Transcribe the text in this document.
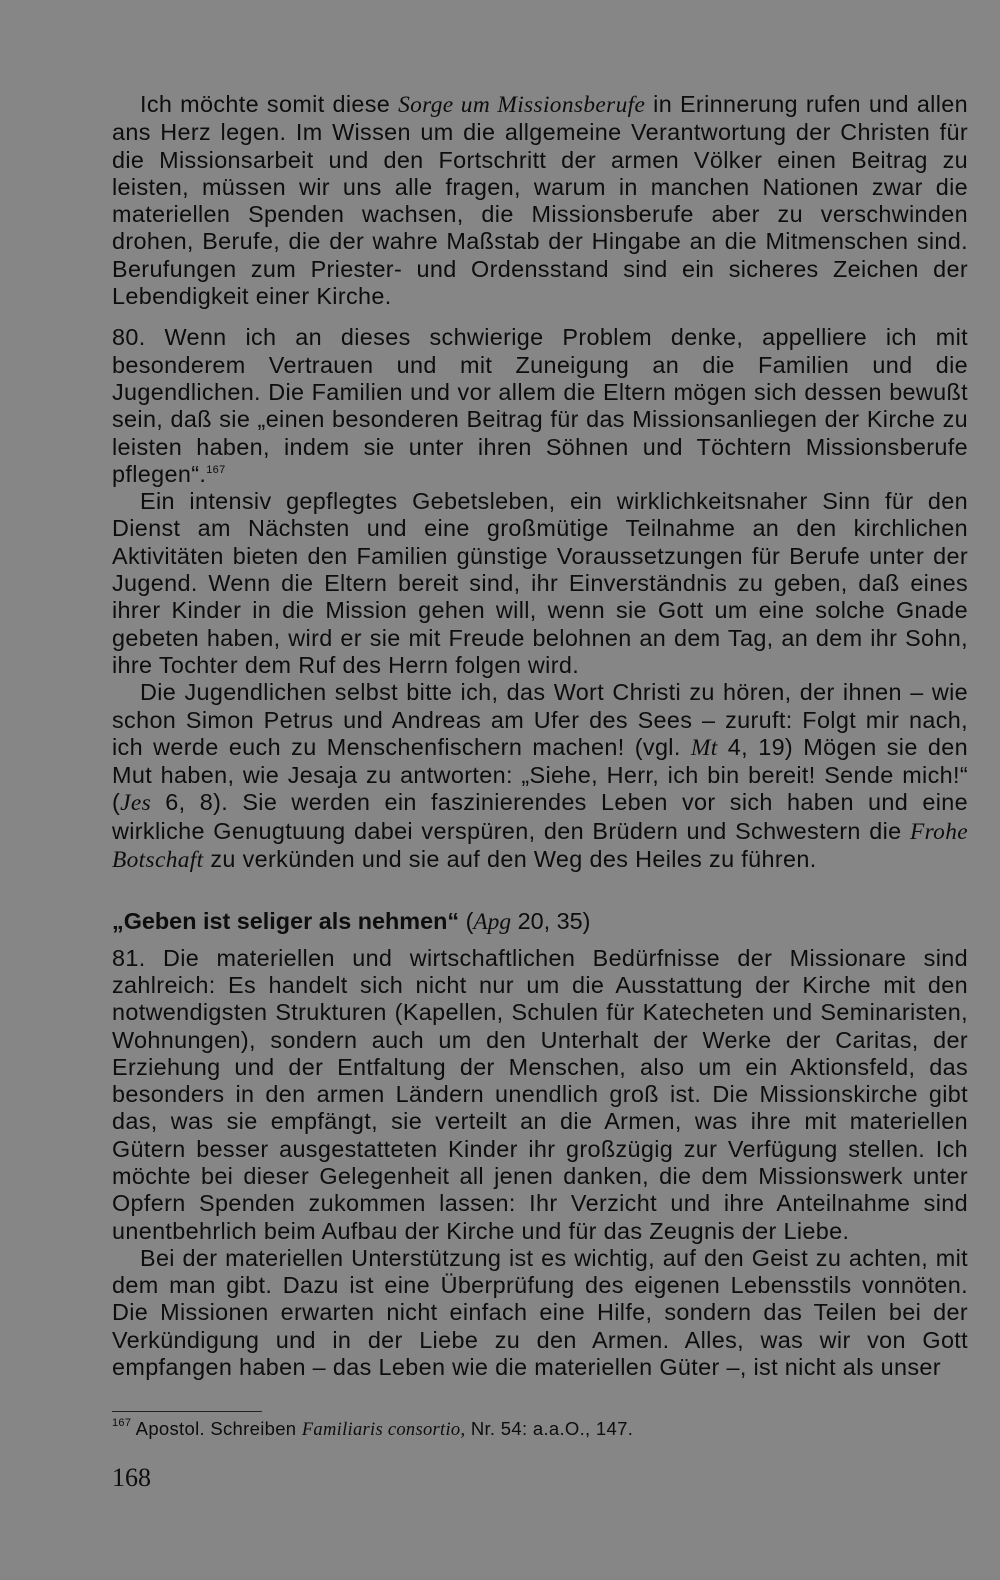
Ich möchte somit diese Sorge um Missionsberufe in Erinnerung rufen und allen ans Herz legen. Im Wissen um die allgemeine Verantwortung der Christen für die Missionsarbeit und den Fortschritt der armen Völker einen Beitrag zu leisten, müssen wir uns alle fragen, warum in manchen Nationen zwar die materiellen Spenden wachsen, die Missionsberufe aber zu verschwinden drohen, Berufe, die der wahre Maßstab der Hingabe an die Mitmenschen sind. Berufungen zum Priester- und Ordensstand sind ein sicheres Zeichen der Lebendigkeit einer Kirche.

80. Wenn ich an dieses schwierige Problem denke, appelliere ich mit besonderem Vertrauen und mit Zuneigung an die Familien und die Jugendlichen. Die Familien und vor allem die Eltern mögen sich dessen bewußt sein, daß sie „einen besonderen Beitrag für das Missionsanliegen der Kirche zu leisten haben, indem sie unter ihren Söhnen und Töchtern Missionsberufe pflegen“.$^{167}$

Ein intensiv gepflegtes Gebetsleben, ein wirklichkeitsnaher Sinn für den Dienst am Nächsten und eine großmütige Teilnahme an den kirchlichen Aktivitäten bieten den Familien günstige Voraussetzungen für Berufe unter der Jugend. Wenn die Eltern bereit sind, ihr Einverständnis zu geben, daß eines ihrer Kinder in die Mission gehen will, wenn sie Gott um eine solche Gnade gebeten haben, wird er sie mit Freude belohnen an dem Tag, an dem ihr Sohn, ihre Tochter dem Ruf des Herrn folgen wird.

Die Jugendlichen selbst bitte ich, das Wort Christi zu hören, der ihnen – wie schon Simon Petrus und Andreas am Ufer des Sees – zuruft: Folgt mir nach, ich werde euch zu Menschenfischern machen! (vgl. Mt 4, 19) Mögen sie den Mut haben, wie Jesaja zu antworten: „Siehe, Herr, ich bin bereit! Sende mich!“ (Jes 6, 8). Sie werden ein faszinierendes Leben vor sich haben und eine wirkliche Genugtuung dabei verspüren, den Brüdern und Schwestern die Frohe Botschaft zu verkünden und sie auf den Weg des Heiles zu führen.

„Geben ist seliger als nehmen“ (Apg 20, 35)

81. Die materiellen und wirtschaftlichen Bedürfnisse der Missionare sind zahlreich: Es handelt sich nicht nur um die Ausstattung der Kirche mit den notwendigsten Strukturen (Kapellen, Schulen für Katecheten und Seminaristen, Wohnungen), sondern auch um den Unterhalt der Werke der Caritas, der Erziehung und der Entfaltung der Menschen, also um ein Aktionsfeld, das besonders in den armen Ländern unendlich groß ist. Die Missionskirche gibt das, was sie empfängt, sie verteilt an die Armen, was ihre mit materiellen Gütern besser ausgestatteten Kinder ihr großzügig zur Verfügung stellen. Ich möchte bei dieser Gelegenheit all jenen danken, die dem Missionswerk unter Opfern Spenden zukommen lassen: Ihr Verzicht und ihre Anteilnahme sind unentbehrlich beim Aufbau der Kirche und für das Zeugnis der Liebe.

Bei der materiellen Unterstützung ist es wichtig, auf den Geist zu achten, mit dem man gibt. Dazu ist eine Überprüfung des eigenen Lebensstils vonnöten. Die Missionen erwarten nicht einfach eine Hilfe, sondern das Teilen bei der Verkündigung und in der Liebe zu den Armen. Alles, was wir von Gott empfangen haben – das Leben wie die materiellen Güter –, ist nicht als unser

$^{167}$ Apostol. Schreiben Familiaris consortio, Nr. 54: a.a.O., 147.
168
